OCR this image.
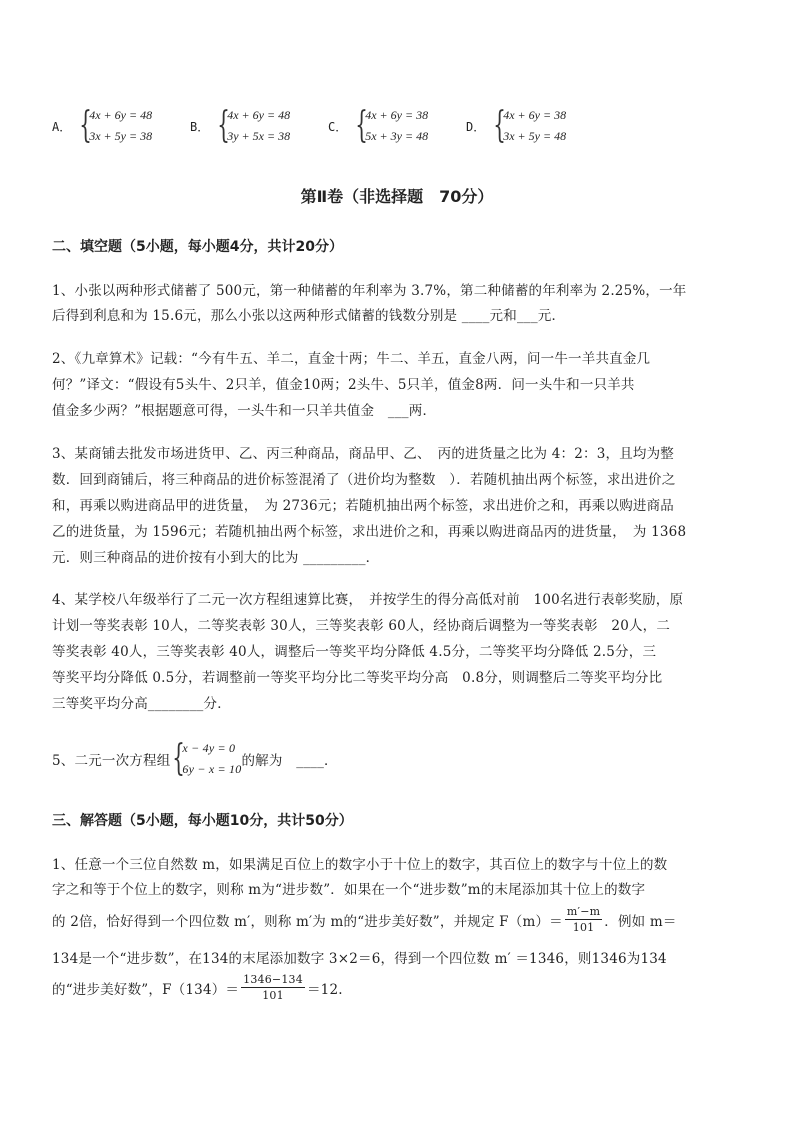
A． {
4x + 6y = 48
3x + 5y = 38
B． {
4x + 6y = 48
3y + 5x = 38
C． {
4x + 6y = 38
5x + 3y = 48
D． {
4x + 6y = 38
3x + 5y = 48
第Ⅱ卷（非选择题　70分）
二、填空题（5小题，每小题4分，共计20分）
1、小张以两种形式储蓄了 500元，第一种储蓄的年利率为 3.7%，第二种储蓄的年利率为 2.25%，一年
后得到利息和为 15.6元，那么小张以这两种形式储蓄的钱数分别是 ____元和___元．
2、《九章算术》记载：“今有牛五、羊二，直金十两；牛二、羊五，直金八两，问一牛一羊共直金几
何？”译文：“假设有5头牛、2只羊，值金10两；2头牛、5只羊，值金8两．问一头牛和一只羊共
值金多少两？”根据题意可得，一头牛和一只羊共值金　___两．
3、某商铺去批发市场进货甲、乙、丙三种商品，商品甲、乙、　丙的进货量之比为 4：2：3，且均为整
数．回到商铺后，将三种商品的进价标签混淆了（进价均为整数　）．若随机抽出两个标签，求出进价之
和，再乘以购进商品甲的进货量，　为 2736元；若随机抽出两个标签，求出进价之和，再乘以购进商品
乙的进货量，为 1596元；若随机抽出两个标签，求出进价之和，再乘以购进商品丙的进货量，　为 1368
元．则三种商品的进价按有小到大的比为 _________．
4、某学校八年级举行了二元一次方程组速算比赛，　并按学生的得分高低对前　100名进行表彰奖励，原
计划一等奖表彰 10人，二等奖表彰 30人，三等奖表彰 60人，经协商后调整为一等奖表彰　20人，二
等奖表彰 40人，三等奖表彰 40人，调整后一等奖平均分降低 4.5分，二等奖平均分降低 2.5分，三
等奖平均分降低 0.5分，若调整前一等奖平均分比二等奖平均分高　0.8分，则调整后二等奖平均分比
三等奖平均分高________分．
5、二元一次方程组 {
x − 4y = 0
6y − x = 10 的解为　____．
三、解答题（5小题，每小题10分，共计50分）
1、任意一个三位自然数 m，如果满足百位上的数字小于十位上的数字，其百位上的数字与十位上的数
字之和等于个位上的数字，则称 m为“进步数”．如果在一个“进步数”m的末尾添加其十位上的数字
的 2倍，恰好得到一个四位数 m′，则称 m′为 m的“进步美好数”，并规定 $F(m)= \frac{m'-m}{101}$ ．例如 m＝
134是一个“进步数”，在134的末尾添加数字 3×2＝6，得到一个四位数 m′ ＝1346，则1346为134
的“进步美好数”，$F(134)= \frac{1346-134}{101} =12$.
